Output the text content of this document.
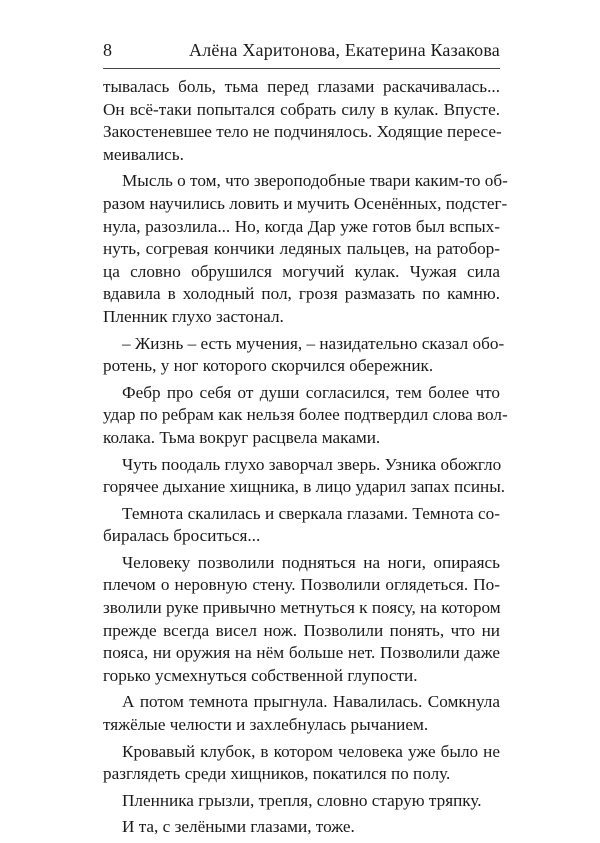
8	Алёна Харитонова, Екатерина Казакова
тывалась боль, тьма перед глазами раскачивалась...
Он всё-таки попытался собрать силу в кулак. Впусте.
Закостеневшее тело не подчинялось. Ходящие пересе-
меивались.
Мысль о том, что звероподобные твари каким-то об-
разом научились ловить и мучить Осенённых, подстег-
нула, разозлила... Но, когда Дар уже готов был вспых-
нуть, согревая кончики ледяных пальцев, на ратобор-
ца словно обрушился могучий кулак. Чужая сила
вдавила в холодный пол, грозя размазать по камню.
Пленник глухо застонал.
– Жизнь – есть мучения, – назидательно сказал обо-
ротень, у ног которого скорчился обережник.
Фебр про себя от души согласился, тем более что
удар по ребрам как нельзя более подтвердил слова вол-
колака. Тьма вокруг расцвела маками.
Чуть поодаль глухо заворчал зверь. Узника обожгло
горячее дыхание хищника, в лицо ударил запах псины.
Темнота скалилась и сверкала глазами. Темнота со-
биралась броситься...
Человеку позволили подняться на ноги, опираясь
плечом о неровную стену. Позволили оглядеться. По-
зволили руке привычно метнуться к поясу, на котором
прежде всегда висел нож. Позволили понять, что ни
пояса, ни оружия на нём больше нет. Позволили даже
горько усмехнуться собственной глупости.
А потом темнота прыгнула. Навалилась. Сомкнула
тяжёлые челюсти и захлебнулась рычанием.
Кровавый клубок, в котором человека уже было не
разглядеть среди хищников, покатился по полу.
Пленника грызли, трепля, словно старую тряпку.
И та, с зелёными глазами, тоже.
